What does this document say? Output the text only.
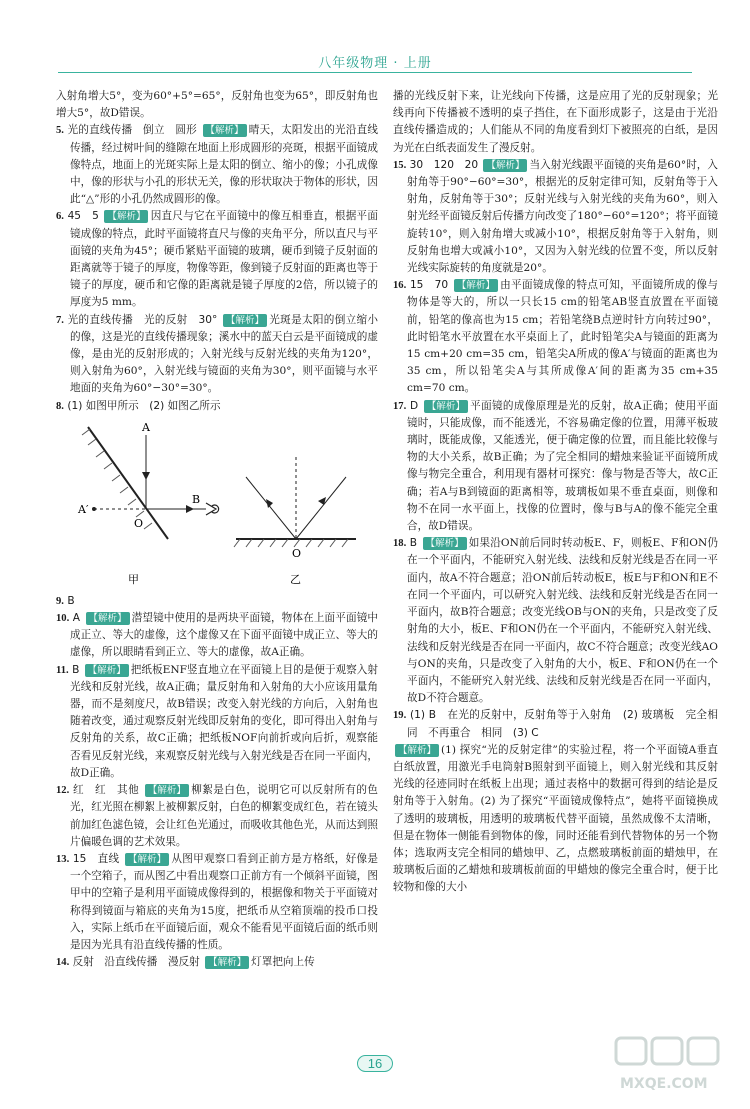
八年级物理 · 上册
入射角增大5°，变为60°+5°=65°，反射角也变为65°，即反射角也增大5°，故D错误。
5. 光的直线传播　倒立　圆形 【解析】 晴天，太阳发出的光沿直线传播，经过树叶间的缝隙在地面上形成圆形的亮斑，根据平面镜成像特点，地面上的光斑实际上是太阳的倒立、缩小的像；小孔成像中，像的形状与小孔的形状无关，像的形状取决于物体的形状，因此“△”形的小孔仍然成圆形的像。
6. 45　5 【解析】 因直尺与它在平面镜中的像互相垂直，根据平面镜成像的特点，此时平面镜将直尺与像的夹角平分，所以直尺与平面镜的夹角为45°；硬币紧贴平面镜的玻璃，硬币到镜子反射面的距离就等于镜子的厚度，物像等距，像到镜子反射面的距离也等于镜子的厚度，硬币和它像的距离就是镜子厚度的2倍，所以镜子的厚度为5 mm。
7. 光的直线传播　光的反射　30° 【解析】 光斑是太阳的倒立缩小的像，这是光的直线传播现象；溪水中的蓝天白云是平面镜成的虚像，是由光的反射形成的；入射光线与反射光线的夹角为120°，则入射角为60°，入射光线与镜面的夹角为30°，则平面镜与水平地面的夹角为60°−30°=30°。
8. (1) 如图甲所示　(2) 如图乙所示
A
A′
O
B
甲
O
乙
9. B
10. A 【解析】 潜望镜中使用的是两块平面镜，物体在上面平面镜中成正立、等大的虚像，这个虚像又在下面平面镜中成正立、等大的虚像，所以眼睛看到正立、等大的虚像，故A正确。
11. B 【解析】 把纸板ENF竖直地立在平面镜上目的是便于观察入射光线和反射光线，故A正确；量反射角和入射角的大小应该用量角器，而不是刻度尺，故B错误；改变入射光线的方向后，入射角也随着改变，通过观察反射光线即反射角的变化，即可得出入射角与反射角的关系，故C正确；把纸板NOF向前折或向后折，观察能否看见反射光线，来观察反射光线与入射光线是否在同一平面内，故D正确。
12. 红　红　其他 【解析】 柳絮是白色，说明它可以反射所有的色光，红光照在柳絮上被柳絮反射，白色的柳絮变成红色，若在镜头前加红色滤色镜，会让红色光通过，而吸收其他色光，从而达到照片偏暖色调的艺术效果。
13. 15　直线 【解析】 从图甲观察口看到正前方是方格纸，好像是一个空箱子，而从图乙中看出观察口正前方有一个倾斜平面镜，图甲中的空箱子是利用平面镜成像得到的，根据像和物关于平面镜对称得到镜面与箱底的夹角为15度，把纸币从空箱顶端的投币口投入，实际上纸币在平面镜后面，观众不能看见平面镜后面的纸币则是因为光具有沿直线传播的性质。
14. 反射　沿直线传播　漫反射 【解析】 灯罩把向上传
播的光线反射下来，让光线向下传播，这是应用了光的反射现象；光线再向下传播被不透明的桌子挡住，在下面形成影子，这是由于光沿直线传播造成的；人们能从不同的角度看到灯下被照亮的白纸，是因为光在白纸表面发生了漫反射。
15. 30　120　20 【解析】 当入射光线跟平面镜的夹角是60°时，入射角等于90°−60°=30°，根据光的反射定律可知，反射角等于入射角，反射角等于30°；反射光线与入射光线的夹角为60°，则入射光经平面镜反射后传播方向改变了180°−60°=120°；将平面镜旋转10°，则入射角增大或减小10°，根据反射角等于入射角，则反射角也增大或减小10°，又因为入射光线的位置不变，所以反射光线实际旋转的角度就是20°。
16. 15　70 【解析】 由平面镜成像的特点可知，平面镜所成的像与物体是等大的，所以一只长15 cm的铅笔AB竖直放置在平面镜前，铅笔的像高也为15 cm；若铅笔绕B点逆时针方向转过90°，此时铅笔水平放置在水平桌面上了，此时铅笔尖A与镜面的距离为15 cm+20 cm=35 cm，铅笔尖A所成的像A′与镜面的距离也为35 cm，所以铅笔尖A与其所成像A′间的距离为35 cm+35 cm=70 cm。
17. D 【解析】 平面镜的成像原理是光的反射，故A正确；使用平面镜时，只能成像，而不能透光，不容易确定像的位置，用薄平板玻璃时，既能成像，又能透光，便于确定像的位置，而且能比较像与物的大小关系，故B正确；为了完全相同的蜡烛来验证平面镜所成像与物完全重合，利用现有器材可探究：像与物是否等大，故C正确；若A与B到镜面的距离相等，玻璃板如果不垂直桌面，则像和物不在同一水平面上，找像的位置时，像与B与A的像不能完全重合，故D错误。
18. B 【解析】 如果沿ON前后同时转动板E、F，则板E、F和ON仍在一个平面内，不能研究入射光线、法线和反射光线是否在同一平面内，故A不符合题意；沿ON前后转动板E，板E与F和ON和E不在同一个平面内，可以研究入射光线、法线和反射光线是否在同一平面内，故B符合题意；改变光线OB与ON的夹角，只是改变了反射角的大小，板E、F和ON仍在一个平面内，不能研究入射光线、法线和反射光线是否在同一平面内，故C不符合题意；改变光线AO与ON的夹角，只是改变了入射角的大小，板E、F和ON仍在一个平面内，不能研究入射光线、法线和反射光线是否在同一平面内，故D不符合题意。
19. (1) B　在光的反射中，反射角等于入射角　(2) 玻璃板　完全相同　不再重合　相同　(3) C
【解析】 (1) 探究“光的反射定律”的实验过程，将一个平面镜A垂直白纸放置，用激光手电筒射B照射到平面镜上，则入射光线和其反射光线的径迹同时在纸板上出现；通过表格中的数据可得到的结论是反射角等于入射角。(2) 为了探究“平面镜成像特点”，她将平面镜换成了透明的玻璃板，用透明的玻璃板代替平面镜，虽然成像不太清晰，但是在物体一侧能看到物体的像，同时还能看到代替物体的另一个物体；选取两支完全相同的蜡烛甲、乙，点燃玻璃板前面的蜡烛甲，在玻璃板后面的乙蜡烛和玻璃板前面的甲蜡烛的像完全重合时，便于比较物和像的大小
16
MXQE.COM
